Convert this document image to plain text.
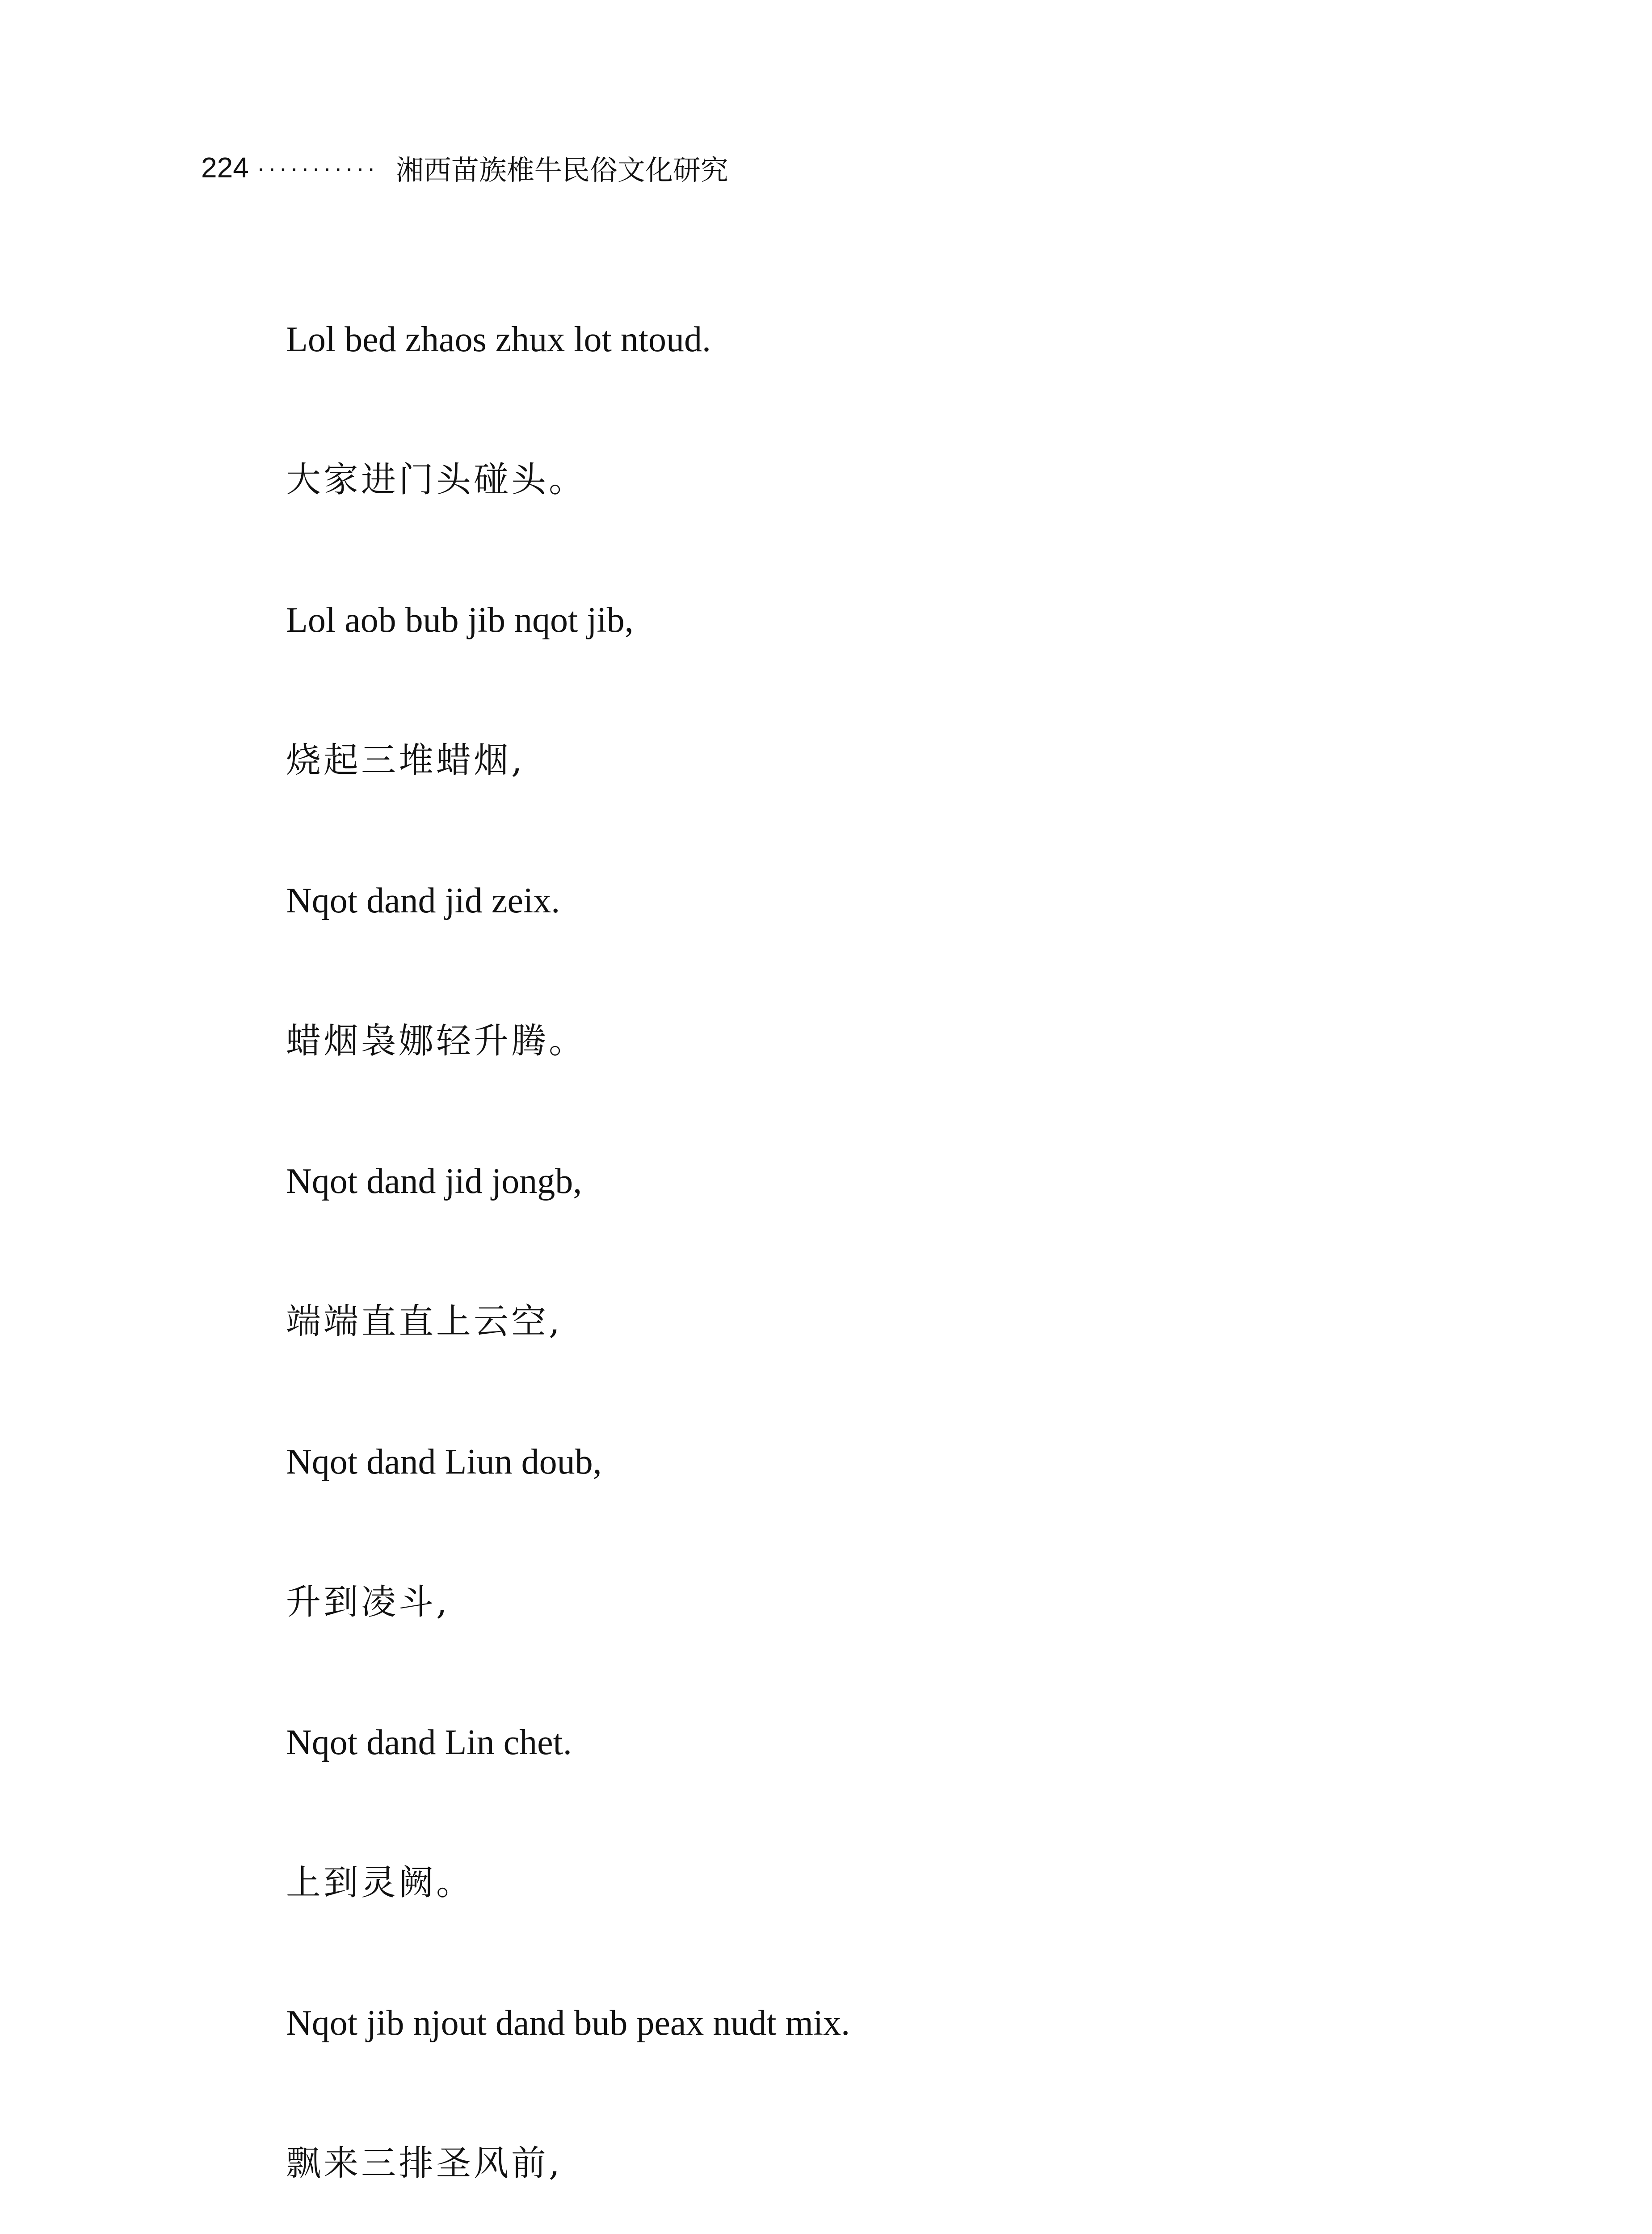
224 ··········· 湘西苗族椎牛民俗文化研究
Lol bed zhaos zhux lot ntoud.
大家进门头碰头。
Lol aob bub jib nqot jib,
烧起三堆蜡烟,
Nqot dand jid zeix.
蜡烟袅娜轻升腾。
Nqot dand jid jongb,
端端直直上云空,
Nqot dand Liun doub,
升到凌斗,
Nqot dand Lin chet.
上到灵阙。
Nqot jib njout dand bub peax nudt mix.
飘来三排圣风前,
